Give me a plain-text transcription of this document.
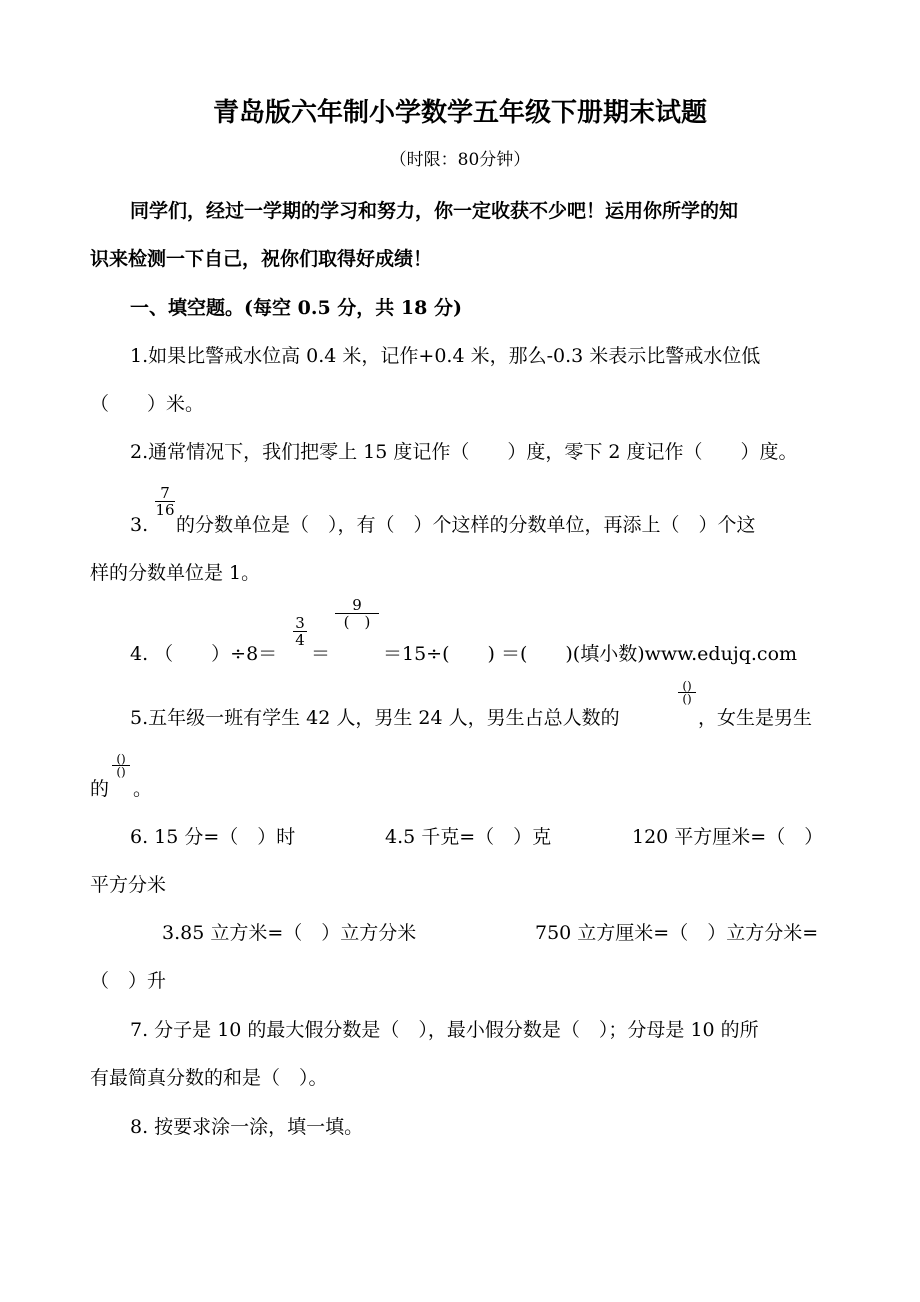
青岛版六年制小学数学五年级下册期末试题
（时限：80分钟）
同学们，经过一学期的学习和努力，你一定收获不少吧！运用你所学的知
识来检测一下自己，祝你们取得好成绩！
一、填空题。(每空 0.5 分，共 18 分)
1.如果比警戒水位高 0.4 米，记作+0.4 米，那么-0.3 米表示比警戒水位低
（　　）米。
2.通常情况下，我们把零上 15 度记作（　　）度，零下 2 度记作（　　）度。
3.
$\frac{7}{16}$
的分数单位是（　），有（　）个这样的分数单位，再添上（　）个这
样的分数单位是 1。
4. （　　）÷8＝
$\frac{3}{4}$
＝
9
(　)
＝15÷(　　) ＝(　　)(填小数)www.edujq.com
5.五年级一班有学生 42 人，男生 24 人，男生占总人数的
()
()
，女生是男生
的
()
()
。
6. 15 分=（　）时	4.5 千克=（　）克	120 平方厘米=（　）
平方分米
3.85 立方米=（　）立方分米	750 立方厘米=（　）立方分米=
（　）升
7. 分子是 10 的最大假分数是（　），最小假分数是（　）；分母是 10 的所
有最简真分数的和是（　）。
8. 按要求涂一涂，填一填。
